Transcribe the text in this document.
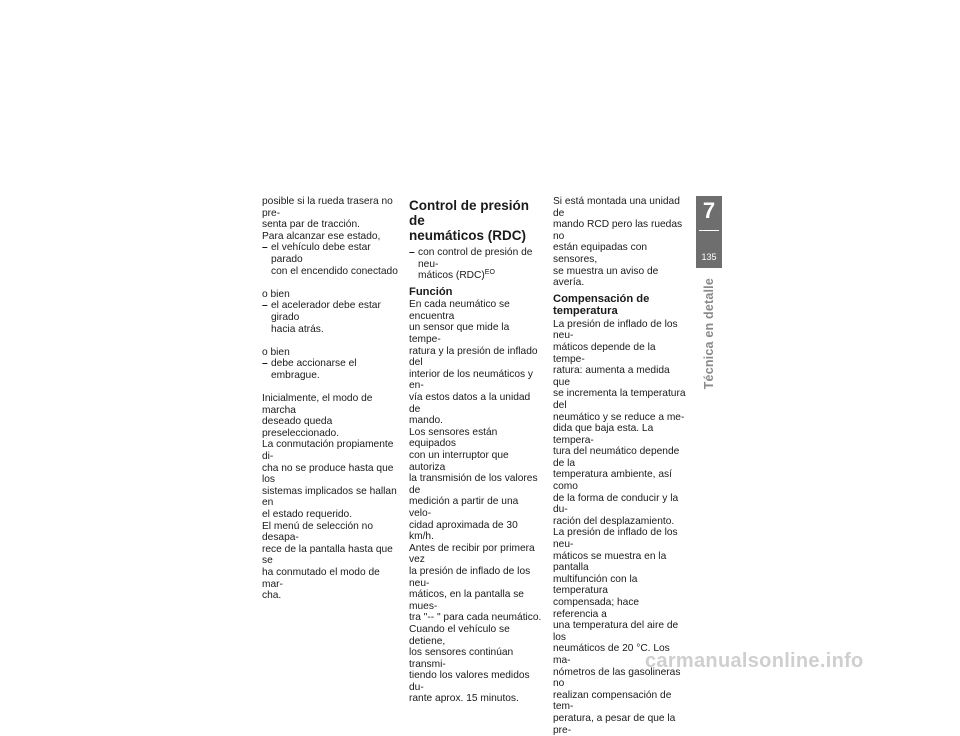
posible si la rueda trasera no pre-

senta par de tracción.

Para alcanzar ese estado,

– el vehículo debe estar parado

con el encendido conectado

o bien

– el acelerador debe estar girado

hacia atrás.

o bien

– debe accionarse el embrague.

Inicialmente, el modo de marcha

deseado queda preseleccionado.

La conmutación propiamente di-

cha no se produce hasta que los

sistemas implicados se hallan en

el estado requerido.

El menú de selección no desapa-

rece de la pantalla hasta que se

ha conmutado el modo de mar-

cha.

Control de presión de
neumáticos (RDC)

– con control de presión de neu-

máticos (RDC)$^{EO}$

Función

En cada neumático se encuentra

un sensor que mide la tempe-

ratura y la presión de inflado del

interior de los neumáticos y en-

vía estos datos a la unidad de

mando.

Los sensores están equipados

con un interruptor que autoriza

la transmisión de los valores de

medición a partir de una velo-

cidad aproximada de 30 km/h.

Antes de recibir por primera vez

la presión de inflado de los neu-

máticos, en la pantalla se mues-

tra "-- " para cada neumático.

Cuando el vehículo se detiene,

los sensores continúan transmi-

tiendo los valores medidos du-

rante aprox. 15 minutos.

Si está montada una unidad de

mando RCD pero las ruedas no

están equipadas con sensores,

se muestra un aviso de avería.

Compensación de
temperatura

La presión de inflado de los neu-

máticos depende de la tempe-

ratura: aumenta a medida que

se incrementa la temperatura del

neumático y se reduce a me-

dida que baja esta. La tempera-

tura del neumático depende de la

temperatura ambiente, así como

de la forma de conducir y la du-

ración del desplazamiento.

La presión de inflado de los neu-

máticos se muestra en la pantalla

multifunción con la temperatura

compensada; hace referencia a

una temperatura del aire de los

neumáticos de 20 °C. Los ma-

nómetros de las gasolineras no

realizan compensación de tem-

peratura, a pesar de que la pre-

7
135
Técnica en detalle
carmanualsonline.info
